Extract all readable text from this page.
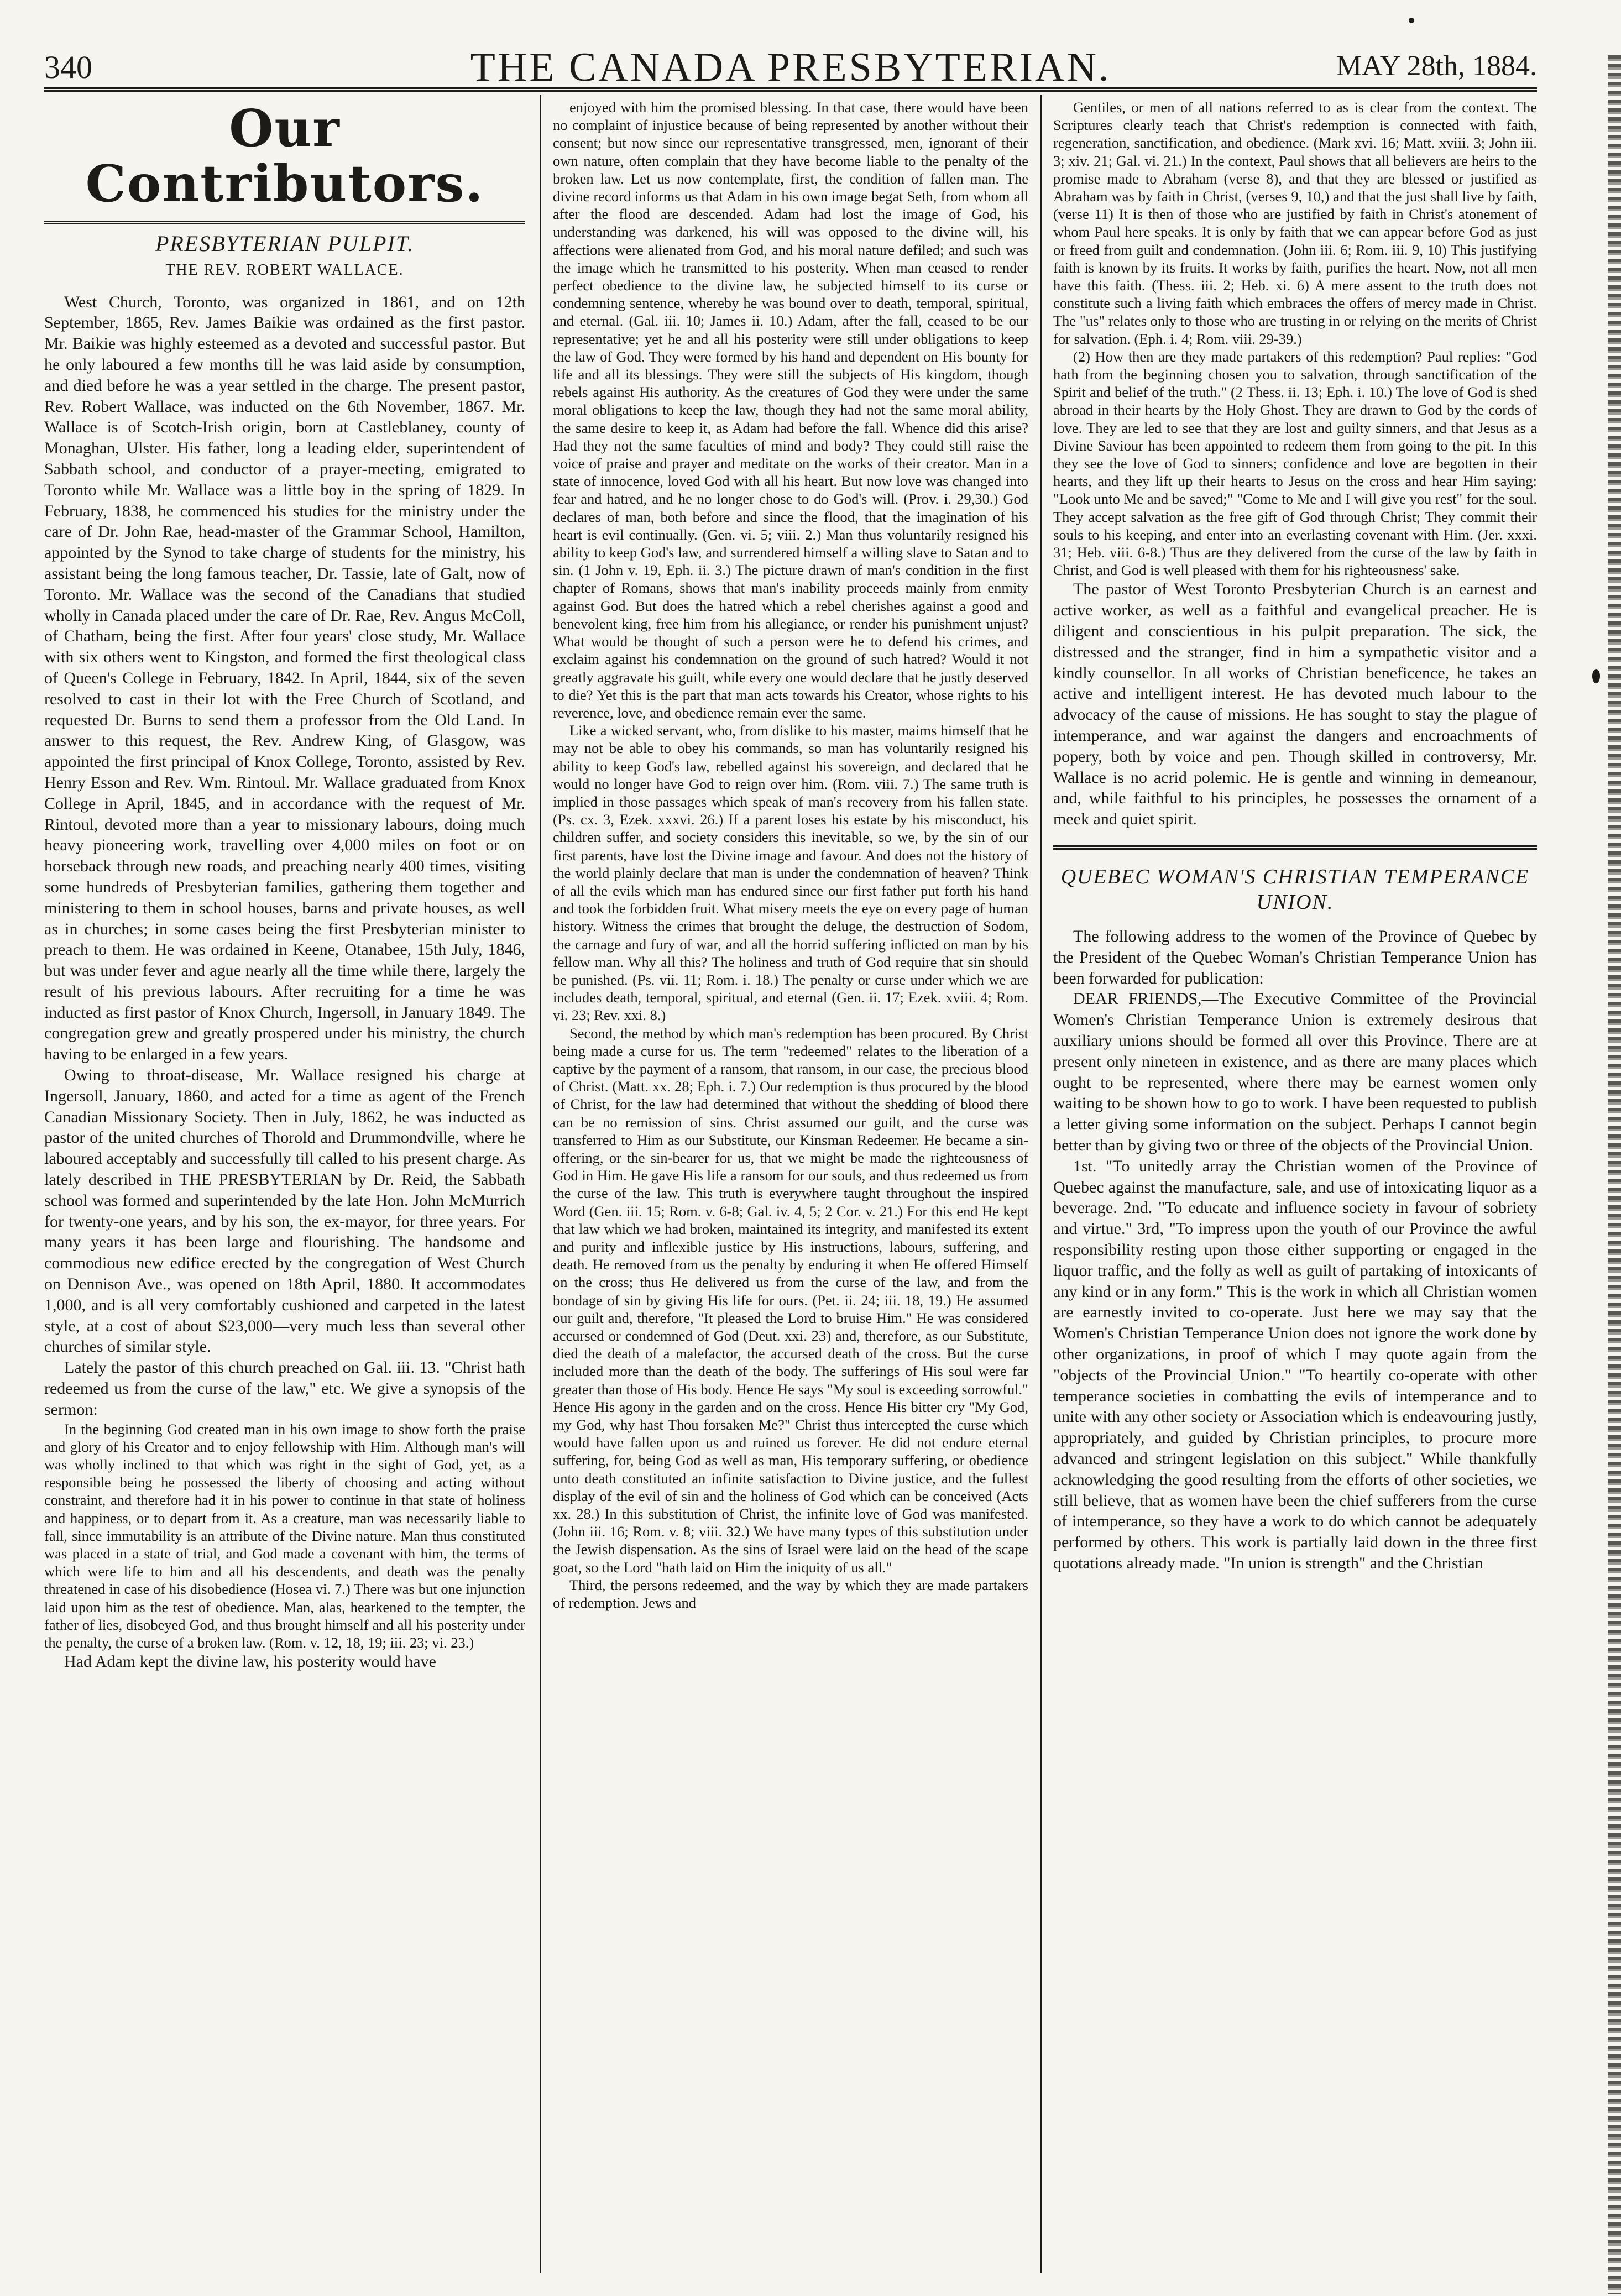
340	THE CANADA PRESBYTERIAN.	MAY 28th, 1884.
Our Contributors.
PRESBYTERIAN PULPIT.
THE REV. ROBERT WALLACE.

West Church, Toronto, was organized in 1861, and on 12th September, 1865, Rev. James Baikie was ordained as the first pastor. Mr. Baikie was highly esteemed as a devoted and successful pastor. But he only laboured a few months till he was laid aside by consumption, and died before he was a year settled in the charge. The present pastor, Rev. Robert Wallace, was inducted on the 6th November, 1867. Mr. Wallace is of Scotch-Irish origin, born at Castleblaney, county of Monaghan, Ulster. His father, long a leading elder, superintendent of Sabbath school, and conductor of a prayer-meeting, emigrated to Toronto while Mr. Wallace was a little boy in the spring of 1829. In February, 1838, he commenced his studies for the ministry under the care of Dr. John Rae, head-master of the Grammar School, Hamilton, appointed by the Synod to take charge of students for the ministry, his assistant being the long famous teacher, Dr. Tassie, late of Galt, now of Toronto. Mr. Wallace was the second of the Canadians that studied wholly in Canada placed under the care of Dr. Rae, Rev. Angus McColl, of Chatham, being the first. After four years' close study, Mr. Wallace with six others went to Kingston, and formed the first theological class of Queen's College in February, 1842. In April, 1844, six of the seven resolved to cast in their lot with the Free Church of Scotland, and requested Dr. Burns to send them a professor from the Old Land. In answer to this request, the Rev. Andrew King, of Glasgow, was appointed the first principal of Knox College, Toronto, assisted by Rev. Henry Esson and Rev. Wm. Rintoul. Mr. Wallace graduated from Knox College in April, 1845, and in accordance with the request of Mr. Rintoul, devoted more than a year to missionary labours, doing much heavy pioneering work, travelling over 4,000 miles on foot or on horseback through new roads, and preaching nearly 400 times, visiting some hundreds of Presbyterian families, gathering them together and ministering to them in school houses, barns and private houses, as well as in churches; in some cases being the first Presbyterian minister to preach to them. He was ordained in Keene, Otanabee, 15th July, 1846, but was under fever and ague nearly all the time while there, largely the result of his previous labours. After recruiting for a time he was inducted as first pastor of Knox Church, Ingersoll, in January 1849. The congregation grew and greatly prospered under his ministry, the church having to be enlarged in a few years.

Owing to throat-disease, Mr. Wallace resigned his charge at Ingersoll, January, 1860, and acted for a time as agent of the French Canadian Missionary Society. Then in July, 1862, he was inducted as pastor of the united churches of Thorold and Drummondville, where he laboured acceptably and successfully till called to his present charge. As lately described in THE PRESBYTERIAN by Dr. Reid, the Sabbath school was formed and superintended by the late Hon. John McMurrich for twenty-one years, and by his son, the ex-mayor, for three years. For many years it has been large and flourishing. The handsome and commodious new edifice erected by the congregation of West Church on Dennison Ave., was opened on 18th April, 1880. It accommodates 1,000, and is all very comfortably cushioned and carpeted in the latest style, at a cost of about $23,000—very much less than several other churches of similar style.

Lately the pastor of this church preached on Gal. iii. 13. "Christ hath redeemed us from the curse of the law," etc. We give a synopsis of the sermon:

In the beginning God created man in his own image to show forth the praise and glory of his Creator and to enjoy fellowship with Him. Although man's will was wholly inclined to that which was right in the sight of God, yet, as a responsible being he possessed the liberty of choosing and acting without constraint, and therefore had it in his power to continue in that state of holiness and happiness, or to depart from it. As a creature, man was necessarily liable to fall, since immutability is an attribute of the Divine nature. Man thus constituted was placed in a state of trial, and God made a covenant with him, the terms of which were life to him and all his descendents, and death was the penalty threatened in case of his disobedience (Hosea vi. 7.) There was but one injunction laid upon him as the test of obedience. Man, alas, hearkened to the tempter, the father of lies, disobeyed God, and thus brought himself and all his posterity under the penalty, the curse of a broken law. (Rom. v. 12, 18, 19; iii. 23; vi. 23.)

Had Adam kept the divine law, his posterity would have

enjoyed with him the promised blessing. In that case, there would have been no complaint of injustice because of being represented by another without their consent; but now since our representative transgressed, men, ignorant of their own nature, often complain that they have become liable to the penalty of the broken law. Let us now contemplate, first, the condition of fallen man. The divine record informs us that Adam in his own image begat Seth, from whom all after the flood are descended. Adam had lost the image of God, his understanding was darkened, his will was opposed to the divine will, his affections were alienated from God, and his moral nature defiled; and such was the image which he transmitted to his posterity. When man ceased to render perfect obedience to the divine law, he subjected himself to its curse or condemning sentence, whereby he was bound over to death, temporal, spiritual, and eternal. (Gal. iii. 10; James ii. 10.) Adam, after the fall, ceased to be our representative; yet he and all his posterity were still under obligations to keep the law of God. They were formed by his hand and dependent on His bounty for life and all its blessings. They were still the subjects of His kingdom, though rebels against His authority. As the creatures of God they were under the same moral obligations to keep the law, though they had not the same moral ability, the same desire to keep it, as Adam had before the fall. Whence did this arise? Had they not the same faculties of mind and body? They could still raise the voice of praise and prayer and meditate on the works of their creator. Man in a state of innocence, loved God with all his heart. But now love was changed into fear and hatred, and he no longer chose to do God's will. (Prov. i. 29,30.) God declares of man, both before and since the flood, that the imagination of his heart is evil continually. (Gen. vi. 5; viii. 2.) Man thus voluntarily resigned his ability to keep God's law, and surrendered himself a willing slave to Satan and to sin. (1 John v. 19, Eph. ii. 3.) The picture drawn of man's condition in the first chapter of Romans, shows that man's inability proceeds mainly from enmity against God. But does the hatred which a rebel cherishes against a good and benevolent king, free him from his allegiance, or render his punishment unjust? What would be thought of such a person were he to defend his crimes, and exclaim against his condemnation on the ground of such hatred? Would it not greatly aggravate his guilt, while every one would declare that he justly deserved to die? Yet this is the part that man acts towards his Creator, whose rights to his reverence, love, and obedience remain ever the same.

Like a wicked servant, who, from dislike to his master, maims himself that he may not be able to obey his commands, so man has voluntarily resigned his ability to keep God's law, rebelled against his sovereign, and declared that he would no longer have God to reign over him. (Rom. viii. 7.) The same truth is implied in those passages which speak of man's recovery from his fallen state. (Ps. cx. 3, Ezek. xxxvi. 26.) If a parent loses his estate by his misconduct, his children suffer, and society considers this inevitable, so we, by the sin of our first parents, have lost the Divine image and favour. And does not the history of the world plainly declare that man is under the condemnation of heaven? Think of all the evils which man has endured since our first father put forth his hand and took the forbidden fruit. What misery meets the eye on every page of human history. Witness the crimes that brought the deluge, the destruction of Sodom, the carnage and fury of war, and all the horrid suffering inflicted on man by his fellow man. Why all this? The holiness and truth of God require that sin should be punished. (Ps. vii. 11; Rom. i. 18.) The penalty or curse under which we are includes death, temporal, spiritual, and eternal (Gen. ii. 17; Ezek. xviii. 4; Rom. vi. 23; Rev. xxi. 8.)

Second, the method by which man's redemption has been procured. By Christ being made a curse for us. The term "redeemed" relates to the liberation of a captive by the payment of a ransom, that ransom, in our case, the precious blood of Christ. (Matt. xx. 28; Eph. i. 7.) Our redemption is thus procured by the blood of Christ, for the law had determined that without the shedding of blood there can be no remission of sins. Christ assumed our guilt, and the curse was transferred to Him as our Substitute, our Kinsman Redeemer. He became a sin-offering, or the sin-bearer for us, that we might be made the righteousness of God in Him. He gave His life a ransom for our souls, and thus redeemed us from the curse of the law. This truth is everywhere taught throughout the inspired Word (Gen. iii. 15; Rom. v. 6-8; Gal. iv. 4, 5; 2 Cor. v. 21.) For this end He kept that law which we had broken, maintained its integrity, and manifested its extent and purity and inflexible justice by His instructions, labours, suffering, and death. He removed from us the penalty by enduring it when He offered Himself on the cross; thus He delivered us from the curse of the law, and from the bondage of sin by giving His life for ours. (Pet. ii. 24; iii. 18, 19.) He assumed our guilt and, therefore, "It pleased the Lord to bruise Him." He was considered accursed or condemned of God (Deut. xxi. 23) and, therefore, as our Substitute, died the death of a malefactor, the accursed death of the cross. But the curse included more than the death of the body. The sufferings of His soul were far greater than those of His body. Hence He says "My soul is exceeding sorrowful." Hence His agony in the garden and on the cross. Hence His bitter cry "My God, my God, why hast Thou forsaken Me?" Christ thus intercepted the curse which would have fallen upon us and ruined us forever. He did not endure eternal suffering, for, being God as well as man, His temporary suffering, or obedience unto death constituted an infinite satisfaction to Divine justice, and the fullest display of the evil of sin and the holiness of God which can be conceived (Acts xx. 28.) In this substitution of Christ, the infinite love of God was manifested. (John iii. 16; Rom. v. 8; viii. 32.) We have many types of this substitution under the Jewish dispensation. As the sins of Israel were laid on the head of the scape goat, so the Lord "hath laid on Him the iniquity of us all."

Third, the persons redeemed, and the way by which they are made partakers of redemption. Jews and

Gentiles, or men of all nations referred to as is clear from the context. The Scriptures clearly teach that Christ's redemption is connected with faith, regeneration, sanctification, and obedience. (Mark xvi. 16; Matt. xviii. 3; John iii. 3; xiv. 21; Gal. vi. 21.) In the context, Paul shows that all believers are heirs to the promise made to Abraham (verse 8), and that they are blessed or justified as Abraham was by faith in Christ, (verses 9, 10,) and that the just shall live by faith, (verse 11) It is then of those who are justified by faith in Christ's atonement of whom Paul here speaks. It is only by faith that we can appear before God as just or freed from guilt and condemnation. (John iii. 6; Rom. iii. 9, 10) This justifying faith is known by its fruits. It works by faith, purifies the heart. Now, not all men have this faith. (Thess. iii. 2; Heb. xi. 6) A mere assent to the truth does not constitute such a living faith which embraces the offers of mercy made in Christ. The "us" relates only to those who are trusting in or relying on the merits of Christ for salvation. (Eph. i. 4; Rom. viii. 29-39.)

(2) How then are they made partakers of this redemption? Paul replies: "God hath from the beginning chosen you to salvation, through sanctification of the Spirit and belief of the truth." (2 Thess. ii. 13; Eph. i. 10.) The love of God is shed abroad in their hearts by the Holy Ghost. They are drawn to God by the cords of love. They are led to see that they are lost and guilty sinners, and that Jesus as a Divine Saviour has been appointed to redeem them from going to the pit. In this they see the love of God to sinners; confidence and love are begotten in their hearts, and they lift up their hearts to Jesus on the cross and hear Him saying: "Look unto Me and be saved;" "Come to Me and I will give you rest" for the soul. They accept salvation as the free gift of God through Christ; They commit their souls to his keeping, and enter into an everlasting covenant with Him. (Jer. xxxi. 31; Heb. viii. 6-8.) Thus are they delivered from the curse of the law by faith in Christ, and God is well pleased with them for his righteousness' sake.

The pastor of West Toronto Presbyterian Church is an earnest and active worker, as well as a faithful and evangelical preacher. He is diligent and conscientious in his pulpit preparation. The sick, the distressed and the stranger, find in him a sympathetic visitor and a kindly counsellor. In all works of Christian beneficence, he takes an active and intelligent interest. He has devoted much labour to the advocacy of the cause of missions. He has sought to stay the plague of intemperance, and war against the dangers and encroachments of popery, both by voice and pen. Though skilled in controversy, Mr. Wallace is no acrid polemic. He is gentle and winning in demeanour, and, while faithful to his principles, he possesses the ornament of a meek and quiet spirit.

QUEBEC WOMAN'S CHRISTIAN TEMPERANCE UNION.

The following address to the women of the Province of Quebec by the President of the Quebec Woman's Christian Temperance Union has been forwarded for publication:

DEAR FRIENDS,—The Executive Committee of the Provincial Women's Christian Temperance Union is extremely desirous that auxiliary unions should be formed all over this Province. There are at present only nineteen in existence, and as there are many places which ought to be represented, where there may be earnest women only waiting to be shown how to go to work. I have been requested to publish a letter giving some information on the subject. Perhaps I cannot begin better than by giving two or three of the objects of the Provincial Union.

1st. "To unitedly array the Christian women of the Province of Quebec against the manufacture, sale, and use of intoxicating liquor as a beverage. 2nd. "To educate and influence society in favour of sobriety and virtue." 3rd, "To impress upon the youth of our Province the awful responsibility resting upon those either supporting or engaged in the liquor traffic, and the folly as well as guilt of partaking of intoxicants of any kind or in any form." This is the work in which all Christian women are earnestly invited to co-operate. Just here we may say that the Women's Christian Temperance Union does not ignore the work done by other organizations, in proof of which I may quote again from the "objects of the Provincial Union." "To heartily co-operate with other temperance societies in combatting the evils of intemperance and to unite with any other society or Association which is endeavouring justly, appropriately, and guided by Christian principles, to procure more advanced and stringent legislation on this subject." While thankfully acknowledging the good resulting from the efforts of other societies, we still believe, that as women have been the chief sufferers from the curse of intemperance, so they have a work to do which cannot be adequately performed by others. This work is partially laid down in the three first quotations already made. "In union is strength" and the Christian
